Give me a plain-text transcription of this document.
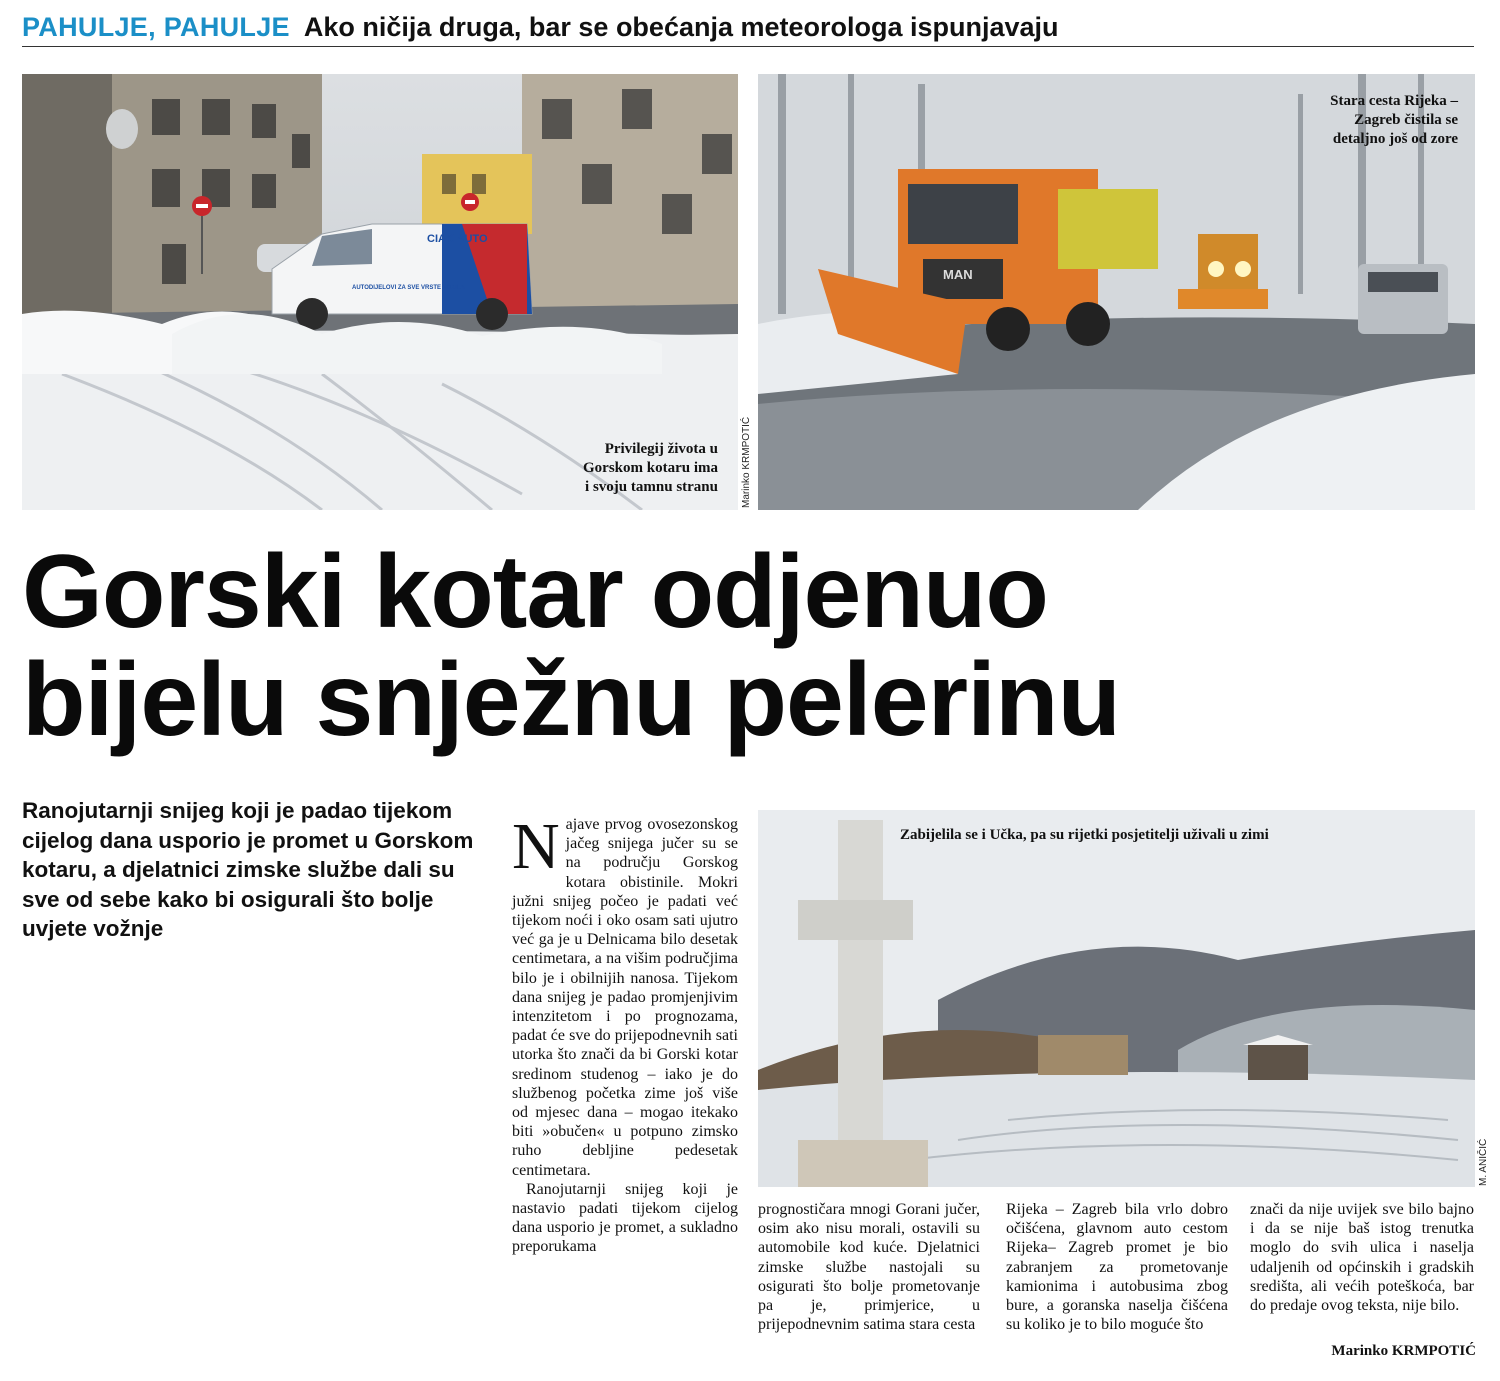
PAHULJE, PAHULJE Ako ničija druga, bar se obećanja meteorologa ispunjavaju
CIAK AUTO
AUTODIJELOVI ZA SVE VRSTE VOZILA
Privilegij života u
Gorskom kotaru ima
i svoju tamnu stranu Marinko KRMPOTIĆ
MAN
Stara cesta Rijeka –
Zagreb čistila se
detaljno još od zore
Gorski kotar odjenuo
bijelu snježnu pelerinu
Ranojutarnji snijeg koji je padao tijekom cijelog dana usporio je promet u Gorskom kotaru, a djelatnici zimske službe dali su sve od sebe kako bi osigurali što bolje uvjete vožnje
Zabijelila se i Učka, pa su rijetki posjetitelji uživali u zimi
M. ANIČIĆ

Najave prvog ovosezonskog jačeg snijega jučer su se na području Gorskog kotara obistinile. Mokri južni snijeg počeo je padati već tijekom noći i oko osam sati ujutro već ga je u Delnicama bilo desetak centimetara, a na višim područjima bilo je i obilnijih nanosa. Tijekom dana snijeg je padao promjenjivim intenzitetom i po prognozama, padat će sve do prijepodnevnih sati utorka što znači da bi Gorski kotar sredinom studenog – iako je do službenog početka zime još više od mjesec dana – mogao itekako biti »obučen« u potpuno zimsko ruho debljine pedesetak centimetara.

Ranojutarnji snijeg koji je nastavio padati tijekom cijelog dana usporio je promet, a sukladno preporukama

prognostičara mnogi Gorani jučer, osim ako nisu morali, ostavili su automobile kod kuće. Djelatnici zimske službe nastojali su osigurati što bolje prometovanje pa je, primjerice, u prijepodnevnim satima stara cesta
Rijeka – Zagreb bila vrlo dobro očišćena, glavnom auto cestom Rijeka– Zagreb promet je bio zabranjem za prometovanje kamionima i autobusima zbog bure, a goranska naselja čišćena su koliko je to bilo moguće što
znači da nije uvijek sve bilo bajno i da se nije baš istog trenutka moglo do svih ulica i naselja udaljenih od općinskih i gradskih središta, ali većih poteškoća, bar do predaje ovog teksta, nije bilo.
Marinko KRMPOTIĆ
